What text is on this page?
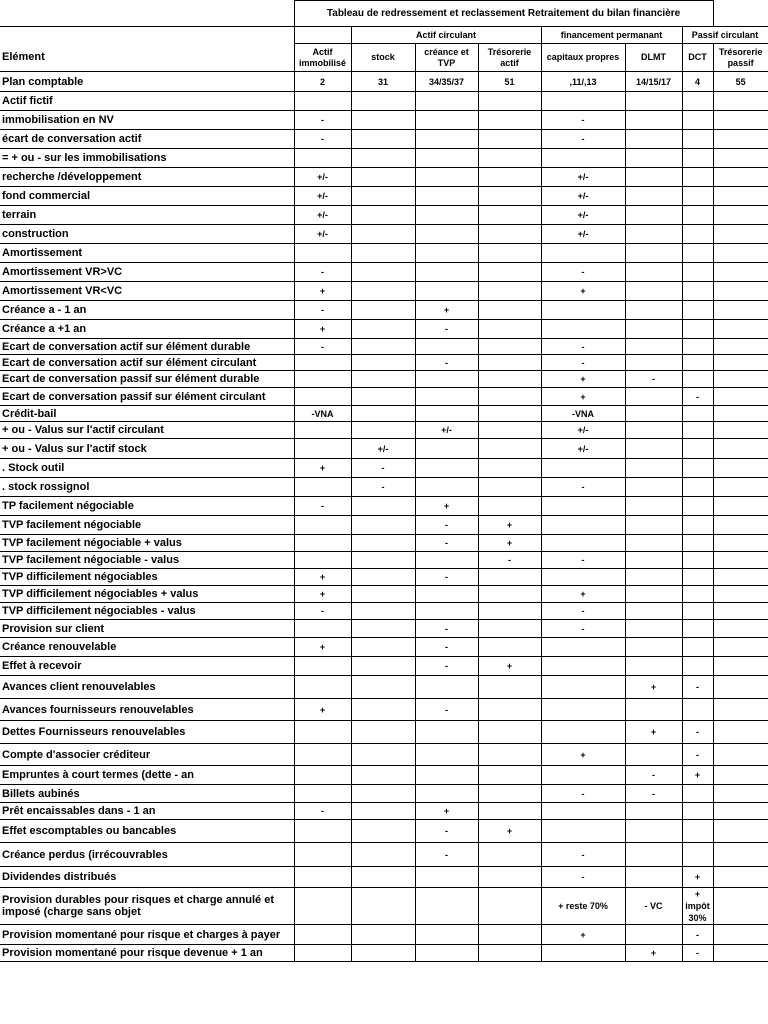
	Tableau de redressement et reclassement Retraitement du bilan financière							
		Actif circulant			financement permanant		Passif circulant	
Elément	Actif immobilisé	stock	créance et TVP	Trésorerie actif	capitaux propres	DLMT	DCT	Trésorerie passif
Plan comptable	2	31	34/35/37	51	,11/,13	14/15/17	4	55
Actif fictif								
immobilisation en NV	-				-			
écart de conversation actif	-				-			
= + ou - sur les immobilisations								
recherche /développement	+/-				+/-			
fond commercial	+/-				+/-			
terrain	+/-				+/-			
construction	+/-				+/-			
Amortissement								
Amortissement VR>VC	-				-			
Amortissement VR<VC	+				+			
Créance a - 1 an	-		+					
Créance a +1 an	+		-					
Ecart de conversation actif sur élément durable	-				-			
Ecart de conversation actif sur élément circulant			-		-			
Ecart de conversation passif sur élément durable					+	-		
Ecart de conversation passif sur élément circulant					+		-	
Crédit-bail	-VNA				-VNA			
+ ou - Valus sur l'actif circulant			+/-		+/-			
+ ou - Valus sur l'actif stock		+/-			+/-			
. Stock outil	+	-						
. stock rossignol		-			-			
TP facilement négociable	-		+					
TVP facilement négociable			-	+				
TVP facilement négociable + valus			-	+				
TVP facilement négociable - valus				-	-			
TVP difficilement négociables	+		-					
TVP difficilement négociables + valus	+				+			
TVP difficilement négociables - valus	-				-			
Provision sur client			-		-			
Créance renouvelable	+		-					
Effet à recevoir			-	+				
Avances client renouvelables						+	-	
Avances fournisseurs renouvelables	+		-					
Dettes Fournisseurs renouvelables						+	-	
Compte d'associer créditeur					+		-	
Empruntes à court termes (dette - an						-	+	
Billets aubinés					-	-		
Prêt encaissables dans - 1 an	-		+					
Effet escomptables ou bancables			-	+				
Créance perdus (irrécouvrables			-		-			
Dividendes distribués					-		+	
Provision durables pour risques et charge annulé et imposé (charge sans objet					+ reste 70%	- VC	+ impôt 30%	
Provision momentané pour risque et charges à payer					+		-	
Provision momentané pour risque devenue + 1 an						+	-	
